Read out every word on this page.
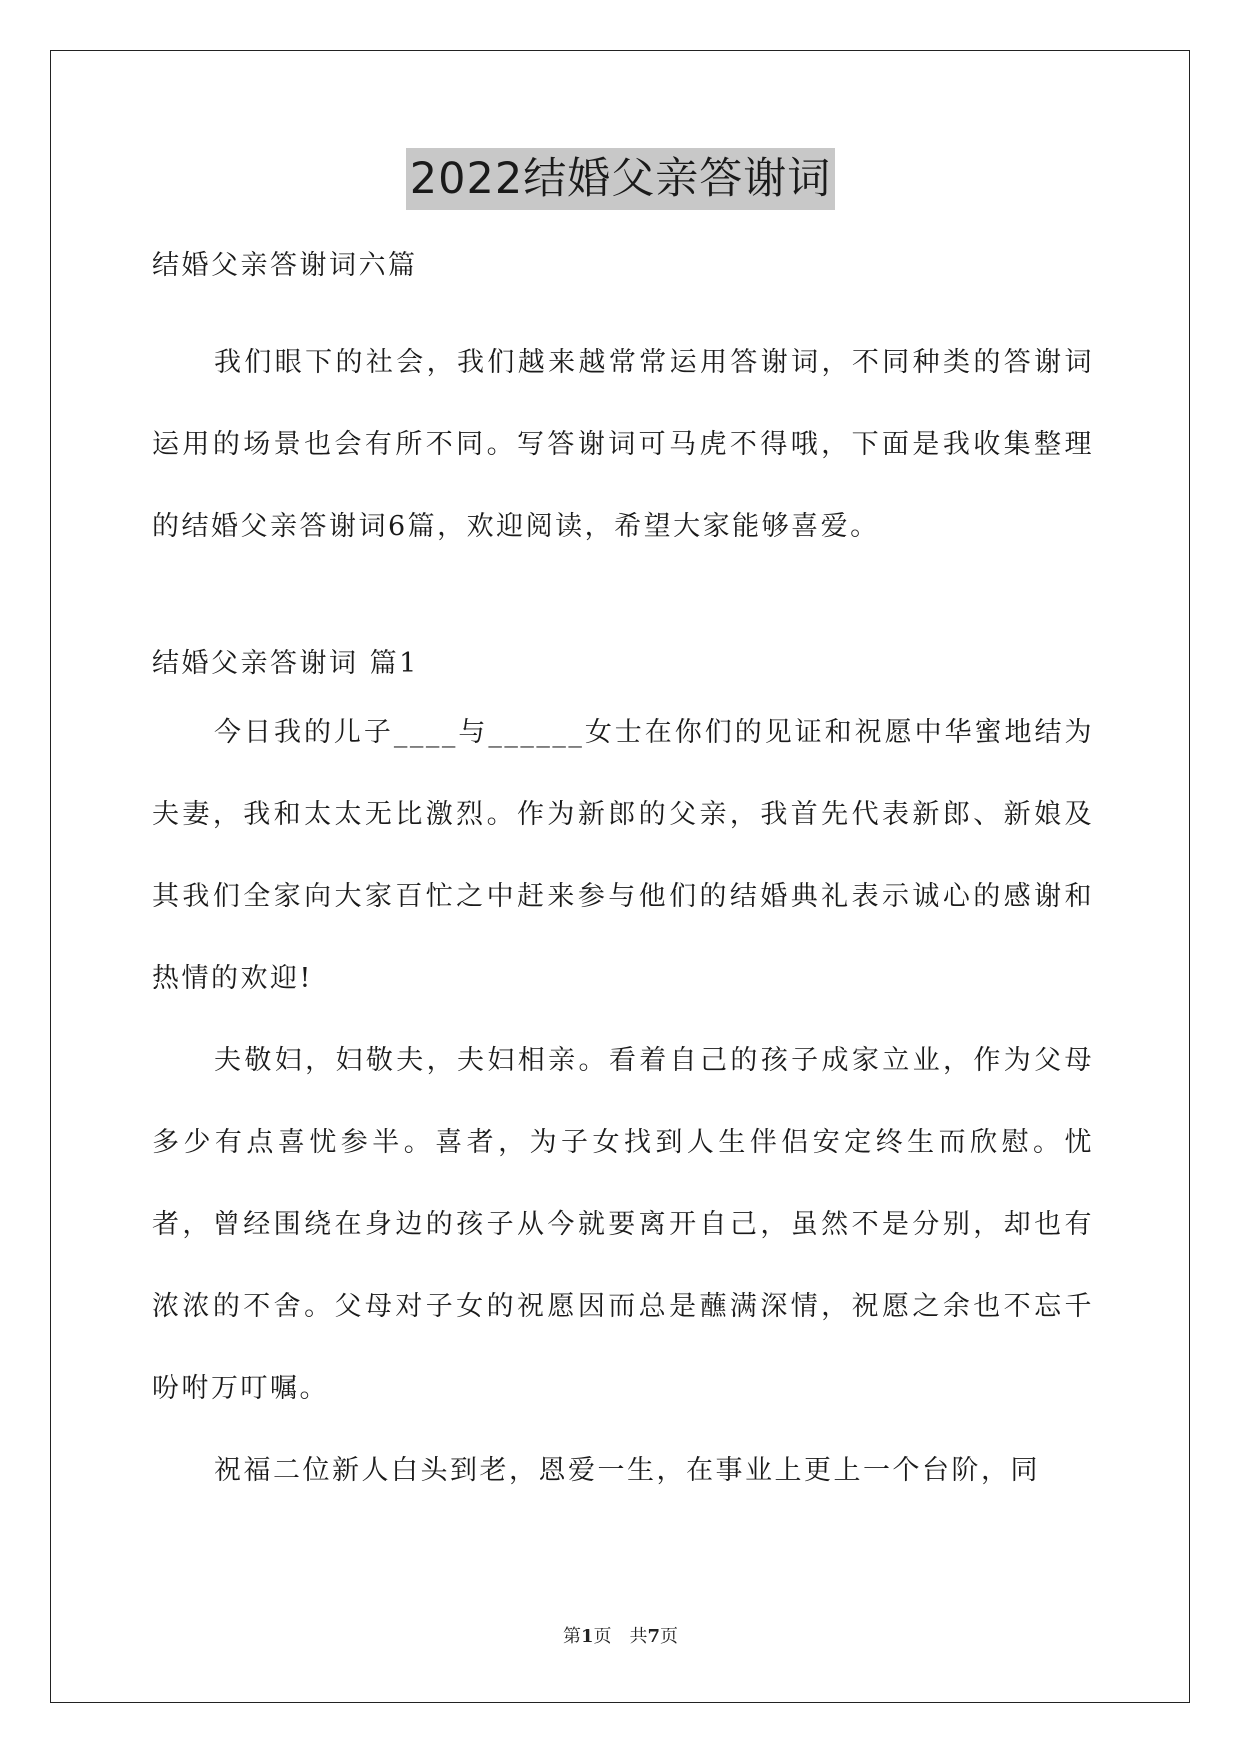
2022结婚父亲答谢词

结婚父亲答谢词六篇

我们眼下的社会，我们越来越常常运用答谢词，不同种类的答谢词运用的场景也会有所不同。写答谢词可马虎不得哦，下面是我收集整理的结婚父亲答谢词6篇，欢迎阅读，希望大家能够喜爱。

结婚父亲答谢词 篇1

今日我的儿子____与______女士在你们的见证和祝愿中华蜜地结为夫妻，我和太太无比激烈。作为新郎的父亲，我首先代表新郎、新娘及其我们全家向大家百忙之中赶来参与他们的结婚典礼表示诚心的感谢和热情的欢迎!

夫敬妇，妇敬夫，夫妇相亲。看着自己的孩子成家立业，作为父母多少有点喜忧参半。喜者，为子女找到人生伴侣安定终生而欣慰。忧者，曾经围绕在身边的孩子从今就要离开自己，虽然不是分别，却也有浓浓的不舍。父母对子女的祝愿因而总是蘸满深情，祝愿之余也不忘千吩咐万叮嘱。

祝福二位新人白头到老，恩爱一生，在事业上更上一个台阶，同

第1页　共7页
